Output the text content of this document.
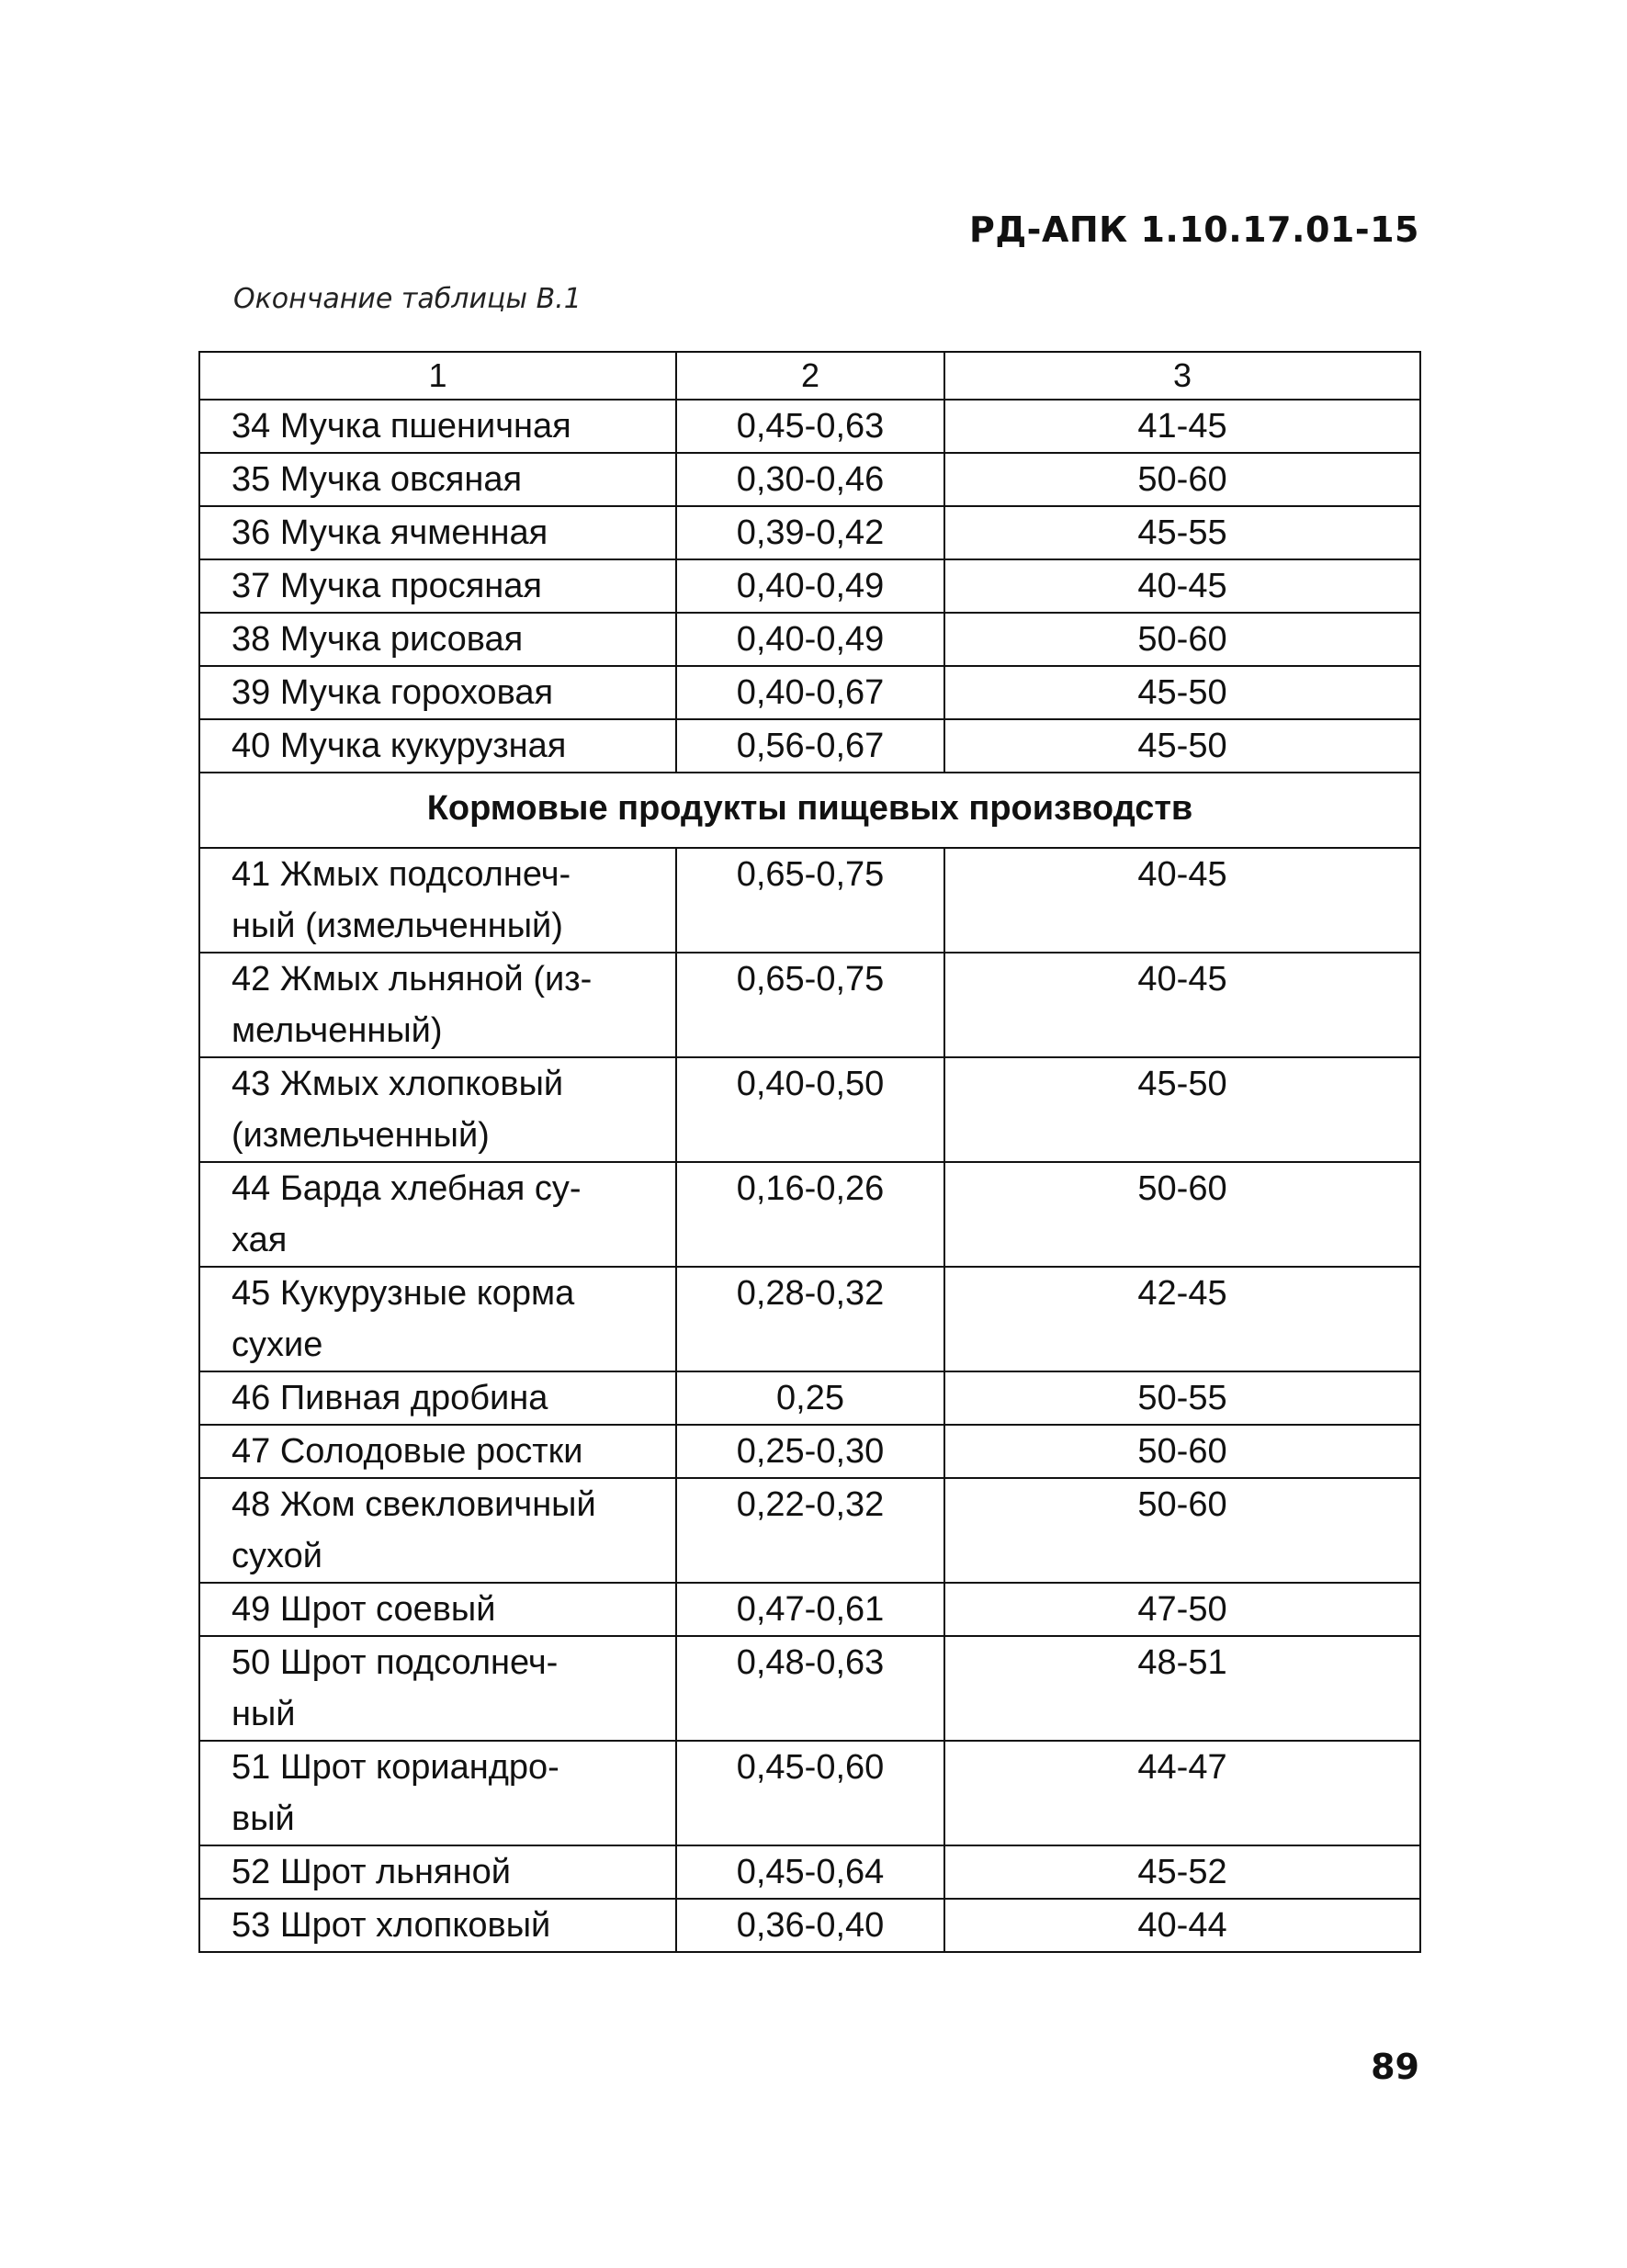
РД-АПК 1.10.17.01-15
Окончание таблицы В.1
1	2	3
34 Мучка пшеничная	0,45-0,63	41-45
35 Мучка овсяная	0,30-0,46	50-60
36 Мучка ячменная	0,39-0,42	45-55
37 Мучка просяная	0,40-0,49	40-45
38 Мучка рисовая	0,40-0,49	50-60
39 Мучка гороховая	0,40-0,67	45-50
40 Мучка кукурузная	0,56-0,67	45-50
Кормовые продукты пищевых производств		
41 Жмых подсолнеч-
ный (измельченный)	0,65-0,75	40-45
42 Жмых льняной (из-
мельченный)	0,65-0,75	40-45
43 Жмых хлопковый
(измельченный)	0,40-0,50	45-50
44 Барда хлебная су-
хая	0,16-0,26	50-60
45 Кукурузные корма
сухие	0,28-0,32	42-45
46 Пивная дробина	0,25	50-55
47 Солодовые ростки	0,25-0,30	50-60
48 Жом свекловичный
сухой	0,22-0,32	50-60
49 Шрот соевый	0,47-0,61	47-50
50 Шрот подсолнеч-
ный	0,48-0,63	48-51
51 Шрот кориандро-
вый	0,45-0,60	44-47
52 Шрот льняной	0,45-0,64	45-52
53 Шрот хлопковый	0,36-0,40	40-44
89
